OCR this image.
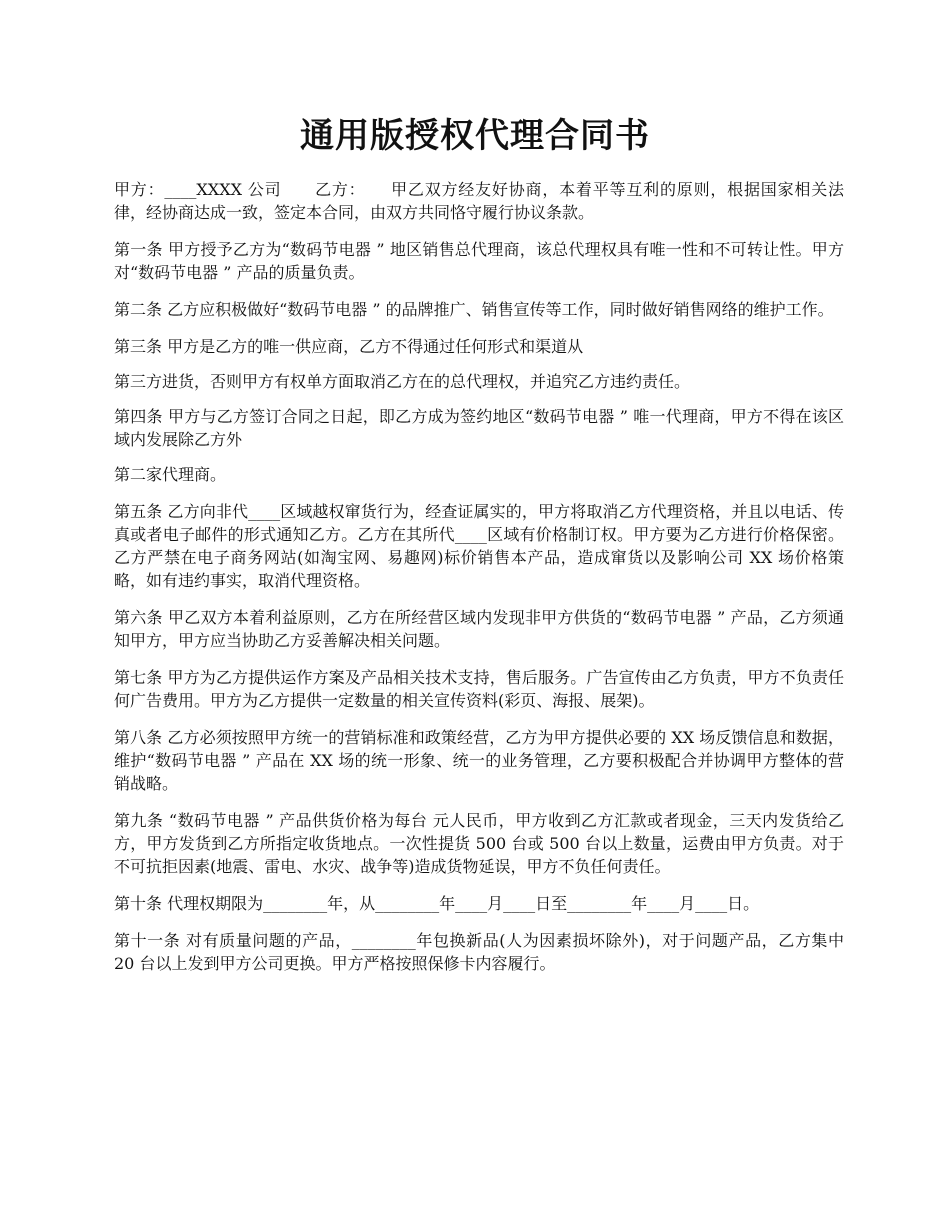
通用版授权代理合同书

甲方：____XXXX 公司　　乙方：　　甲乙双方经友好协商，本着平等互利的原则，根据国家相关法律，经协商达成一致，签定本合同，由双方共同恪守履行协议条款。

第一条 甲方授予乙方为“数码节电器 ” 地区销售总代理商，该总代理权具有唯一性和不可转让性。甲方对“数码节电器 ” 产品的质量负责。

第二条 乙方应积极做好“数码节电器 ” 的品牌推广、销售宣传等工作，同时做好销售网络的维护工作。

第三条 甲方是乙方的唯一供应商，乙方不得通过任何形式和渠道从

第三方进货，否则甲方有权单方面取消乙方在的总代理权，并追究乙方违约责任。

第四条 甲方与乙方签订合同之日起，即乙方成为签约地区“数码节电器 ” 唯一代理商，甲方不得在该区域内发展除乙方外

第二家代理商。

第五条 乙方向非代____区域越权窜货行为，经查证属实的，甲方将取消乙方代理资格，并且以电话、传真或者电子邮件的形式通知乙方。乙方在其所代____区域有价格制订权。甲方要为乙方进行价格保密。乙方严禁在电子商务网站(如淘宝网、易趣网)标价销售本产品，造成窜货以及影响公司 XX 场价格策略，如有违约事实，取消代理资格。

第六条 甲乙双方本着利益原则，乙方在所经营区域内发现非甲方供货的“数码节电器 ” 产品，乙方须通知甲方，甲方应当协助乙方妥善解决相关问题。

第七条 甲方为乙方提供运作方案及产品相关技术支持，售后服务。广告宣传由乙方负责，甲方不负责任何广告费用。甲方为乙方提供一定数量的相关宣传资料(彩页、海报、展架)。

第八条 乙方必须按照甲方统一的营销标准和政策经营，乙方为甲方提供必要的 XX 场反馈信息和数据，维护“数码节电器 ” 产品在 XX 场的统一形象、统一的业务管理，乙方要积极配合并协调甲方整体的营销战略。

第九条 “数码节电器 ” 产品供货价格为每台 元人民币，甲方收到乙方汇款或者现金，三天内发货给乙方，甲方发货到乙方所指定收货地点。一次性提货 500 台或 500 台以上数量，运费由甲方负责。对于不可抗拒因素(地震、雷电、水灾、战争等)造成货物延误，甲方不负任何责任。

第十条 代理权期限为________年，从________年____月____日至________年____月____日。

第十一条 对有质量问题的产品，________年包换新品(人为因素损坏除外)，对于问题产品，乙方集中 20 台以上发到甲方公司更换。甲方严格按照保修卡内容履行。
